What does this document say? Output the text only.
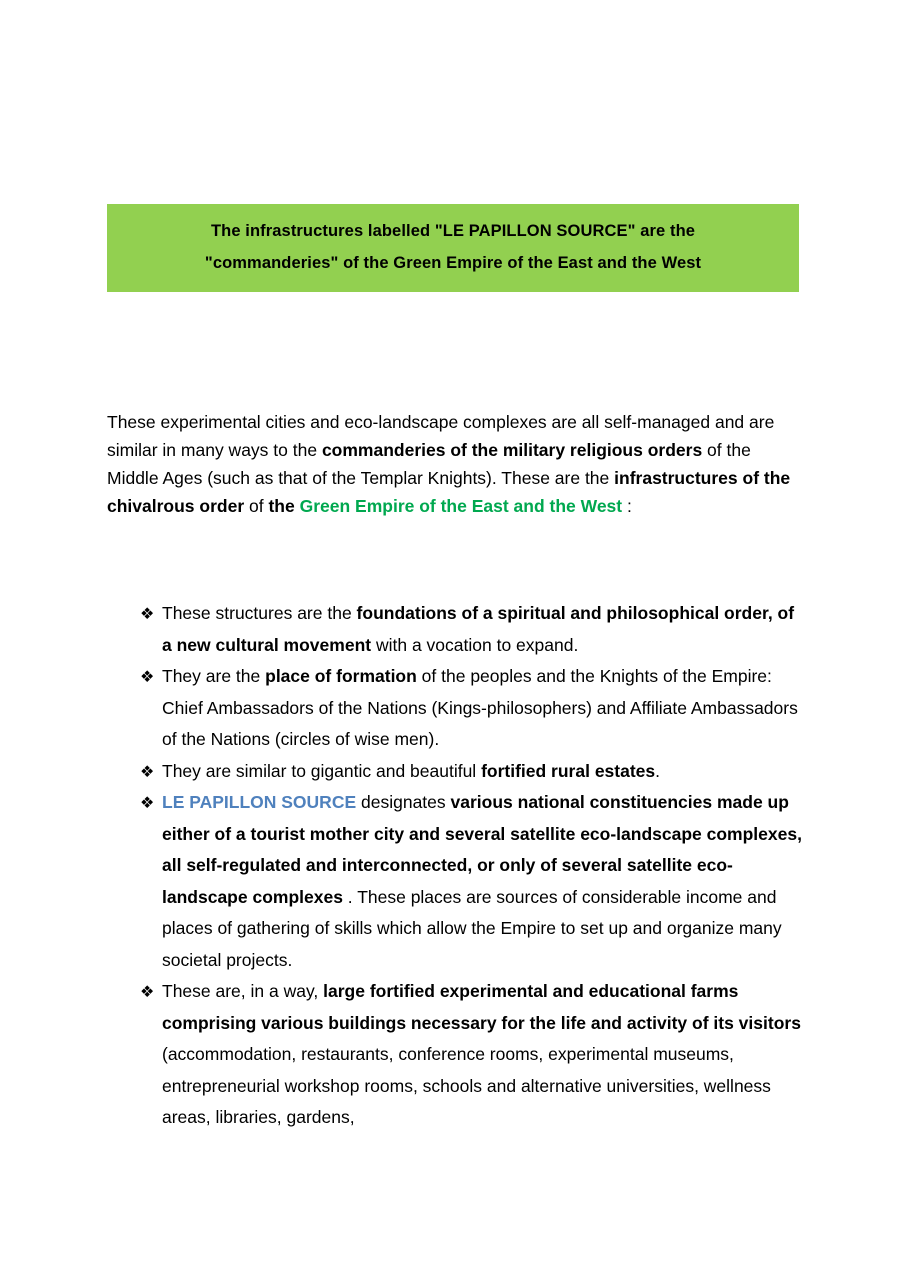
The infrastructures labelled "LE PAPILLON SOURCE" are the
"commanderies" of the Green Empire of the East and the West

These experimental cities and eco-landscape complexes are all self-managed and are similar in many ways to the commanderies of the military religious orders of the Middle Ages (such as that of the Templar Knights). These are the infrastructures of the chivalrous order of the Green Empire of the East and the West :

❖ These structures are the foundations of a spiritual and philosophical order, of a new cultural movement with a vocation to expand.
❖ They are the place of formation of the peoples and the Knights of the Empire: Chief Ambassadors of the Nations (Kings-philosophers) and Affiliate Ambassadors of the Nations (circles of wise men).
❖ They are similar to gigantic and beautiful fortified rural estates.
❖ LE PAPILLON SOURCE designates various national constituencies made up either of a tourist mother city and several satellite eco-landscape complexes, all self-regulated and interconnected, or only of several satellite eco-landscape complexes . These places are sources of considerable income and places of gathering of skills which allow the Empire to set up and organize many societal projects.
❖ These are, in a way, large fortified experimental and educational farms comprising various buildings necessary for the life and activity of its visitors (accommodation, restaurants, conference rooms, experimental museums, entrepreneurial workshop rooms, schools and alternative universities, wellness areas, libraries, gardens,
